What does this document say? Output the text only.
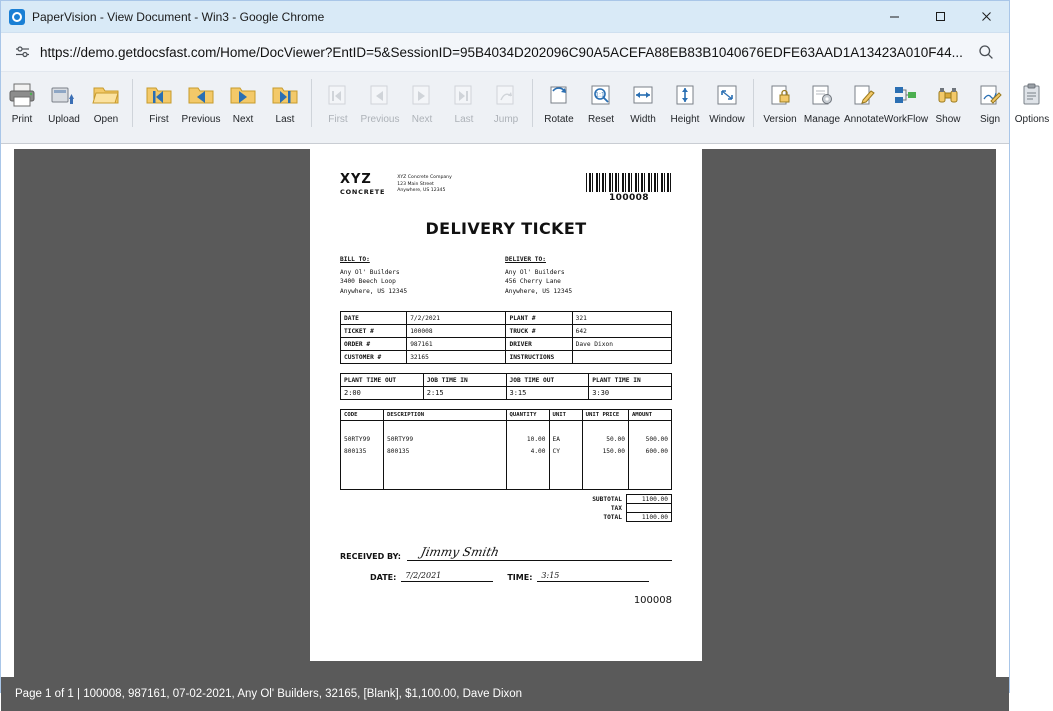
PaperVision - View Document - Win3 - Google Chrome
https://demo.getdocsfast.com/Home/DocViewer?EntID=5&SessionID=95B4034D202096C90A5ACEFA88EB83B1040676EDFE63AAD1A13423A010F44...
Print Upload Open	First Previous Next Last	First Previous Next Last Jump	Rotate
1:1
Reset Width Height Window Version Manage Annotate WorkFlow Show Sign Options
XYZ
CONCRETE
XYZ Concrete Company
123 Main Street
Anywhere, US 12345
100008
DELIVERY TICKET
BILL TO:
Any Ol' Builders
3400 Beech Loop
Anywhere, US 12345
DELIVER TO:
Any Ol' Builders
456 Cherry Lane
Anywhere, US 12345
DATE	7/2/2021	PLANT #	321
TICKET #	100008	TRUCK #	642
ORDER #	987161	DRIVER	Dave Dixon
CUSTOMER #	32165	INSTRUCTIONS	
PLANT TIME OUT	JOB TIME IN	JOB TIME OUT	PLANT TIME IN
2:00	2:15	3:15	3:30
CODE	DESCRIPTION	QUANTITY	UNIT	UNIT PRICE	AMOUNT

50RTY99	50RTY99	10.00	EA	50.00	500.00
800135	800135	4.00	CY	150.00	600.00

SUBTOTAL	1100.00
TAX	
TOTAL	1100.00
RECEIVED BY: Jimmy Smith
DATE: 7/2/2021	TIME: 3:15
100008
Page 1 of 1 | 100008, 987161, 07-02-2021, Any Ol' Builders, 32165, [Blank], $1,100.00, Dave Dixon
